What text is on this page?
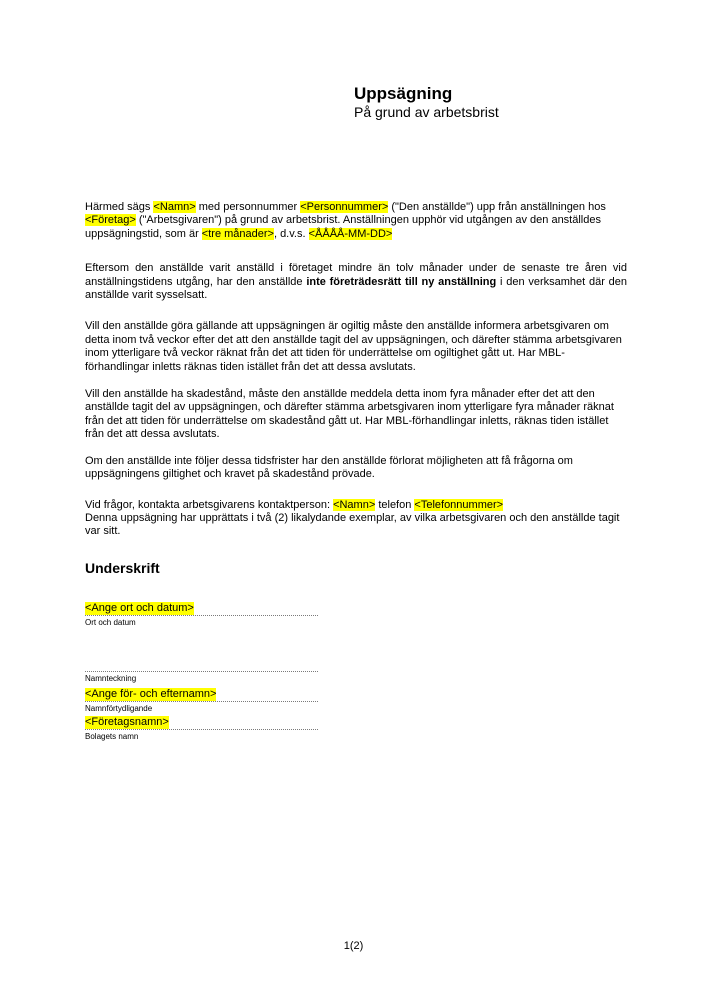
Uppsägning
På grund av arbetsbrist

Härmed sägs <Namn> med personnummer <Personnummer> ("Den anställde") upp från anställningen hos <Företag> ("Arbetsgivaren") på grund av arbetsbrist. Anställningen upphör vid utgången av den anställdes uppsägningstid, som är <tre månader>, d.v.s. <ÅÅÅÅ-MM-DD>

Eftersom den anställde varit anställd i företaget mindre än tolv månader under de senaste tre åren vid anställningstidens utgång, har den anställde inte företrädesrätt till ny anställning i den verksamhet där den anställde varit sysselsatt.

Vill den anställde göra gällande att uppsägningen är ogiltig måste den anställde informera arbetsgivaren om detta inom två veckor efter det att den anställde tagit del av uppsägningen, och därefter stämma arbetsgivaren inom ytterligare två veckor räknat från det att tiden för underrättelse om ogiltighet gått ut. Har MBL-förhandlingar inletts räknas tiden istället från det att dessa avslutats.

Vill den anställde ha skadestånd, måste den anställde meddela detta inom fyra månader efter det att den anställde tagit del av uppsägningen, och därefter stämma arbetsgivaren inom ytterligare fyra månader räknat från det att tiden för underrättelse om skadestånd gått ut. Har MBL-förhandlingar inletts, räknas tiden istället från det att dessa avslutats.

Om den anställde inte följer dessa tidsfrister har den anställde förlorat möjligheten att få frågorna om uppsägningens giltighet och kravet på skadestånd prövade.

Vid frågor, kontakta arbetsgivarens kontaktperson: <Namn> telefon <Telefonnummer>

Denna uppsägning har upprättats i två (2) likalydande exemplar, av vilka arbetsgivaren och den anställde tagit var sitt.

Underskrift
<Ange ort och datum>
Ort och datum
Namnteckning
<Ange för- och efternamn>
Namnförtydligande
<Företagsnamn>
Bolagets namn
1(2)
